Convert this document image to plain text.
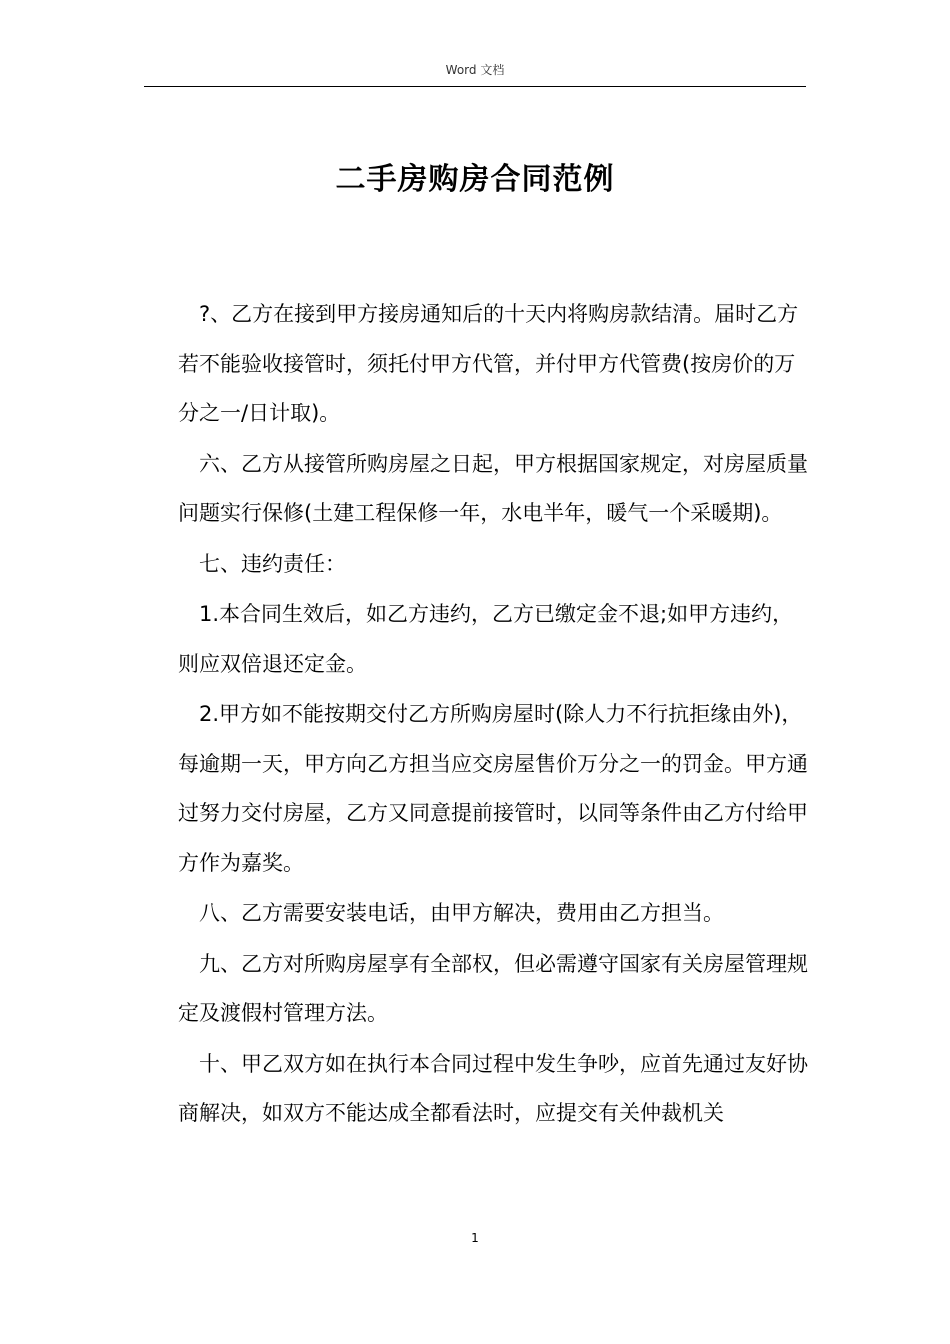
Word 文档
二手房购房合同范例

?、乙方在接到甲方接房通知后的十天内将购房款结清。届时乙方若不能验收接管时，须托付甲方代管，并付甲方代管费(按房价的万分之一/日计取)。

六、乙方从接管所购房屋之日起，甲方根据国家规定，对房屋质量问题实行保修(土建工程保修一年，水电半年，暖气一个采暖期)。

七、违约责任：

1.本合同生效后，如乙方违约，乙方已缴定金不退;如甲方违约，则应双倍退还定金。

2.甲方如不能按期交付乙方所购房屋时(除人力不行抗拒缘由外)，每逾期一天，甲方向乙方担当应交房屋售价万分之一的罚金。甲方通过努力交付房屋，乙方又同意提前接管时，以同等条件由乙方付给甲方作为嘉奖。

八、乙方需要安装电话，由甲方解决，费用由乙方担当。

九、乙方对所购房屋享有全部权，但必需遵守国家有关房屋管理规定及渡假村管理方法。

十、甲乙双方如在执行本合同过程中发生争吵，应首先通过友好协商解决，如双方不能达成全都看法时，应提交有关仲裁机关

1
